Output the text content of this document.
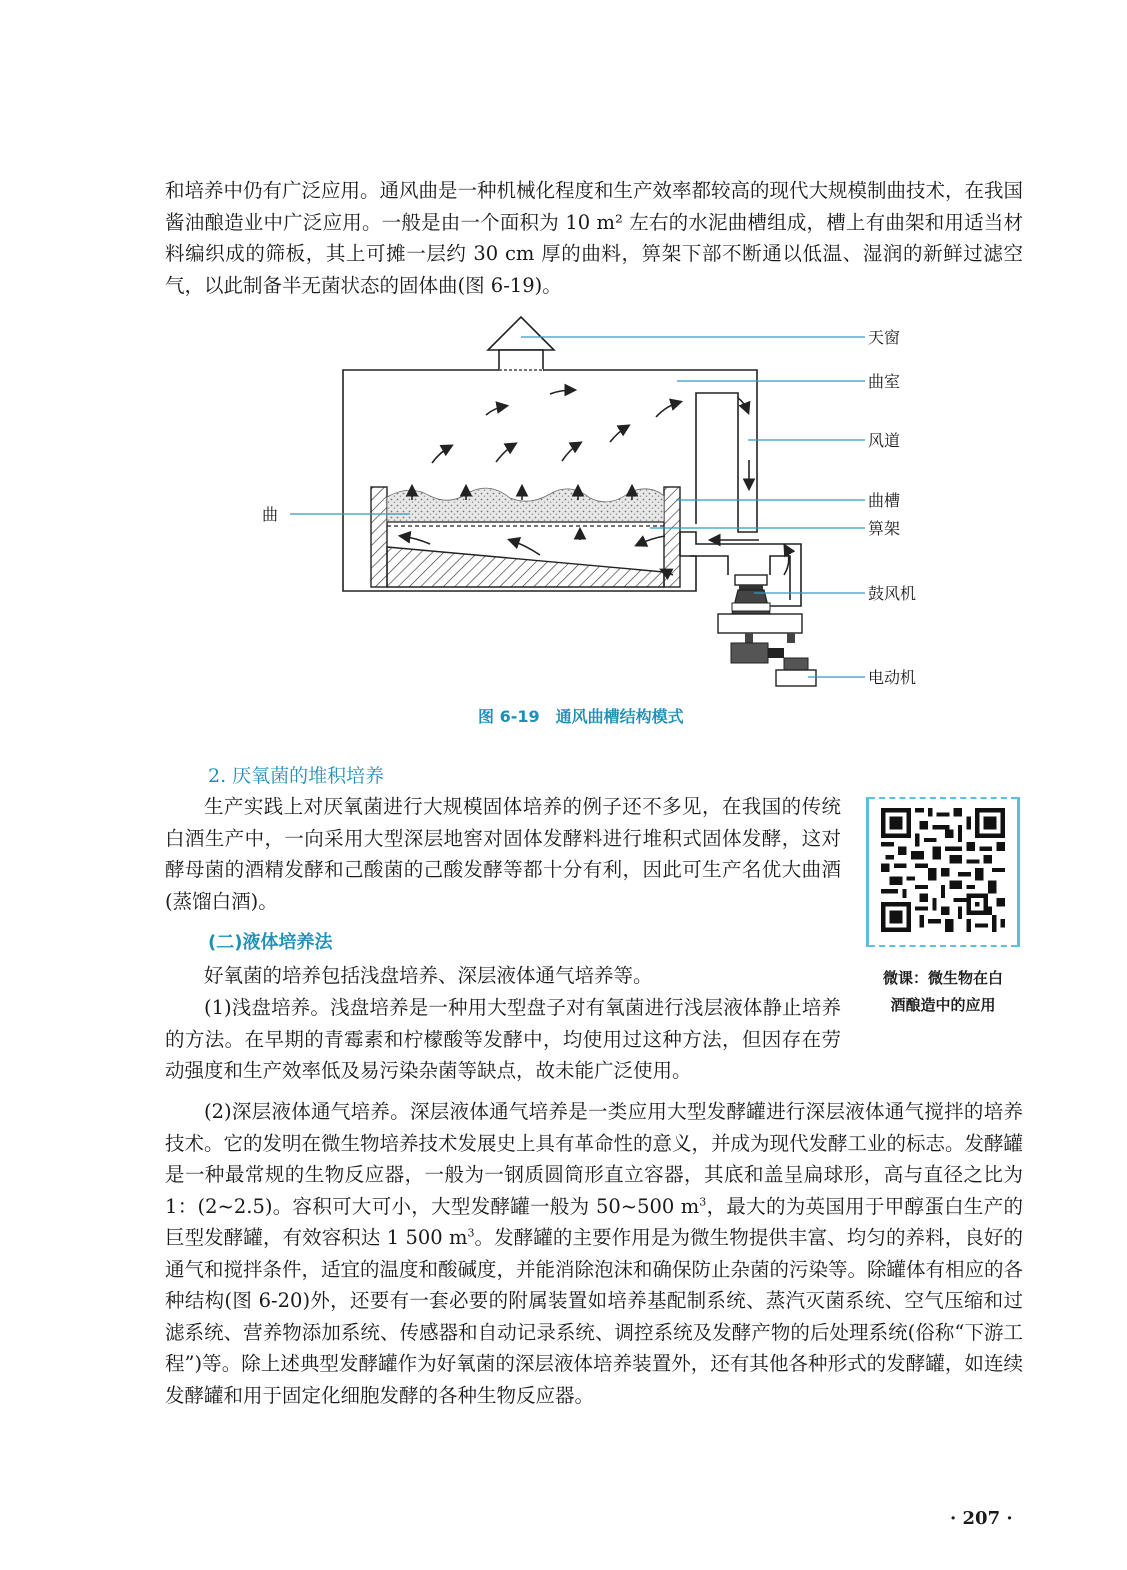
和培养中仍有广泛应用。通风曲是一种机械化程度和生产效率都较高的现代大规模制曲技术，在我国酱油酿造业中广泛应用。一般是由一个面积为 10 m² 左右的水泥曲槽组成，槽上有曲架和用适当材料编织成的筛板，其上可摊一层约 30 cm 厚的曲料，箅架下部不断通以低温、湿润的新鲜过滤空气，以此制备半无菌状态的固体曲(图 6-19)。

天窗
曲室
风道
曲槽
箅架
鼓风机
电动机
曲
图 6-19　通风曲槽结构模式
2. 厌氧菌的堆积培养

生产实践上对厌氧菌进行大规模固体培养的例子还不多见，在我国的传统白酒生产中，一向采用大型深层地窖对固体发酵料进行堆积式固体发酵，这对酵母菌的酒精发酵和己酸菌的己酸发酵等都十分有利，因此可生产名优大曲酒(蒸馏白酒)。

(二)液体培养法

好氧菌的培养包括浅盘培养、深层液体通气培养等。

(1)浅盘培养。浅盘培养是一种用大型盘子对有氧菌进行浅层液体静止培养的方法。在早期的青霉素和柠檬酸等发酵中，均使用过这种方法，但因存在劳动强度和生产效率低及易污染杂菌等缺点，故未能广泛使用。

微课：微生物在白
酒酿造中的应用

(2)深层液体通气培养。深层液体通气培养是一类应用大型发酵罐进行深层液体通气搅拌的培养技术。它的发明在微生物培养技术发展史上具有革命性的意义，并成为现代发酵工业的标志。发酵罐是一种最常规的生物反应器，一般为一钢质圆筒形直立容器，其底和盖呈扁球形，高与直径之比为 1：(2~2.5)。容积可大可小，大型发酵罐一般为 50~500 $m^3$，最大的为英国用于甲醇蛋白生产的巨型发酵罐，有效容积达 1 500 $m^3$。发酵罐的主要作用是为微生物提供丰富、均匀的养料，良好的通气和搅拌条件，适宜的温度和酸碱度，并能消除泡沫和确保防止杂菌的污染等。除罐体有相应的各种结构(图 6-20)外，还要有一套必要的附属装置如培养基配制系统、蒸汽灭菌系统、空气压缩和过滤系统、营养物添加系统、传感器和自动记录系统、调控系统及发酵产物的后处理系统(俗称“下游工程”)等。除上述典型发酵罐作为好氧菌的深层液体培养装置外，还有其他各种形式的发酵罐，如连续发酵罐和用于固定化细胞发酵的各种生物反应器。

· 207 ·
